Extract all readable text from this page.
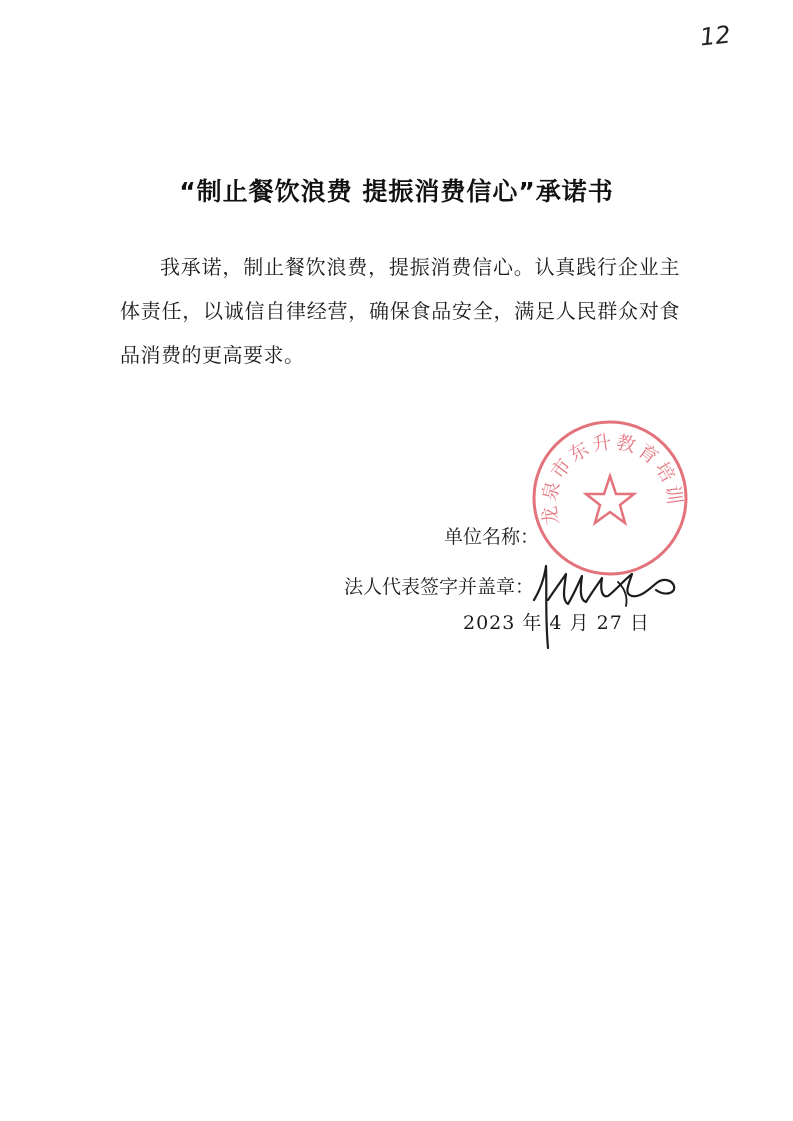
12
“制止餐饮浪费 提振消费信心”承诺书

我承诺，制止餐饮浪费，提振消费信心。认真践行企业主体责任，以诚信自律经营，确保食品安全，满足人民群众对食品消费的更高要求。

龙泉市东升教育培训
单位名称：
法人代表签字并盖章：
2023 年 4 月 27 日
